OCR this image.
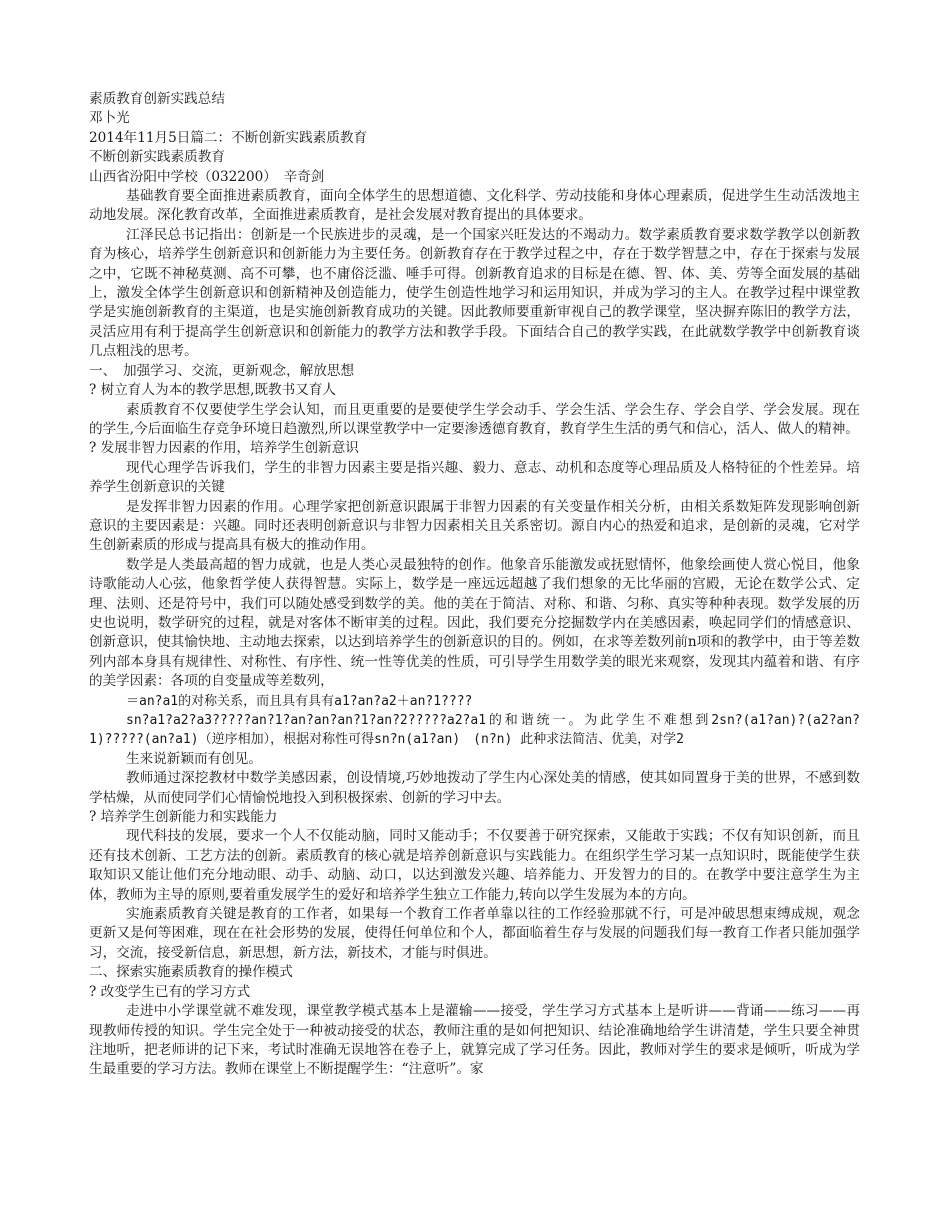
素质教育创新实践总结

邓卜光

2014年11月5日篇二：不断创新实践素质教育

不断创新实践素质教育

山西省汾阳中学校（032200）　辛奇剑

基础教育要全面推进素质教育，面向全体学生的思想道德、文化科学、劳动技能和身体心理素质，促进学生生动活泼地主动地发展。深化教育改革，全面推进素质教育，是社会发展对教育提出的具体要求。

江泽民总书记指出：创新是一个民族进步的灵魂，是一个国家兴旺发达的不竭动力。数学素质教育要求数学教学以创新教育为核心，培养学生创新意识和创新能力为主要任务。创新教育存在于教学过程之中，存在于数学智慧之中，存在于探索与发展之中，它既不神秘莫测、高不可攀，也不庸俗泛滥、唾手可得。创新教育追求的目标是在德、智、体、美、劳等全面发展的基础上，激发全体学生创新意识和创新精神及创造能力，使学生创造性地学习和运用知识，并成为学习的主人。在教学过程中课堂教学是实施创新教育的主渠道，也是实施创新教育成功的关键。因此教师要重新审视自己的教学课堂，坚决摒弃陈旧的教学方法，灵活应用有利于提高学生创新意识和创新能力的教学方法和教学手段。下面结合自己的教学实践，在此就数学教学中创新教育谈几点粗浅的思考。

一、　加强学习、交流，更新观念，解放思想

? 树立育人为本的教学思想,既教书又育人

素质教育不仅要使学生学会认知，而且更重要的是要使学生学会动手、学会生活、学会生存、学会自学、学会发展。现在的学生,今后面临生存竞争环境日趋激烈,所以课堂教学中一定要渗透德育教育，教育学生生活的勇气和信心，活人、做人的精神。

? 发展非智力因素的作用，培养学生创新意识

现代心理学告诉我们，学生的非智力因素主要是指兴趣、毅力、意志、动机和态度等心理品质及人格特征的个性差异。培养学生创新意识的关键

是发挥非智力因素的作用。心理学家把创新意识跟属于非智力因素的有关变量作相关分析，由相关系数矩阵发现影响创新意识的主要因素是：兴趣。同时还表明创新意识与非智力因素相关且关系密切。源自内心的热爱和追求，是创新的灵魂，它对学生创新素质的形成与提高具有极大的推动作用。

数学是人类最高超的智力成就，也是人类心灵最独特的创作。他象音乐能激发或抚慰情怀，他象绘画使人赏心悦目，他象诗歌能动人心弦，他象哲学使人获得智慧。实际上，数学是一座远远超越了我们想象的无比华丽的宫殿，无论在数学公式、定理、法则、还是符号中，我们可以随处感受到数学的美。他的美在于简洁、对称、和谐、匀称、真实等种种表现。数学发展的历史也说明，数学研究的过程，就是对客体不断审美的过程。因此，我们要充分挖掘数学内在美感因素，唤起同学们的情感意识、创新意识，使其愉快地、主动地去探索，以达到培养学生的创新意识的目的。例如，在求等差数列前n项和的教学中，由于等差数列内部本身具有规律性、对称性、有序性、统一性等优美的性质，可引导学生用数学美的眼光来观察，发现其内蕴着和谐、有序的美学因素：各项的自变量成等差数列，

＝an?a1的对称关系，而且具有具有a1?an?a2＋an?1????

sn?a1?a2?a3?????an?1?an?an?an?1?an?2?????a2?a1的和谐统一。为此学生不难想到2sn?(a1?an)?(a2?an?1)?????(an?a1)（逆序相加），根据对称性可得sn?n(a1?an)　(n?n) 此种求法简洁、优美，对学2

生来说新颖而有创见。

教师通过深挖教材中数学美感因素，创设情境,巧妙地拨动了学生内心深处美的情感，使其如同置身于美的世界，不感到数学枯燥，从而使同学们心情愉悦地投入到积极探索、创新的学习中去。

? 培养学生创新能力和实践能力

现代科技的发展，要求一个人不仅能动脑，同时又能动手；不仅要善于研究探索，又能敢于实践；不仅有知识创新，而且还有技术创新、工艺方法的创新。素质教育的核心就是培养创新意识与实践能力。在组织学生学习某一点知识时，既能使学生获取知识又能让他们充分地动眼、动手、动脑、动口，以达到激发兴趣、培养能力、开发智力的目的。在教学中要注意学生为主体，教师为主导的原则,要着重发展学生的爱好和培养学生独立工作能力,转向以学生发展为本的方向。

实施素质教育关键是教育的工作者，如果每一个教育工作者单靠以往的工作经验那就不行，可是冲破思想束缚成规，观念更新又是何等困难，现在在社会形势的发展，使得任何单位和个人，都面临着生存与发展的问题我们每一教育工作者只能加强学习，交流，接受新信息，新思想，新方法，新技术，才能与时俱进。

二、探索实施素质教育的操作模式

? 改变学生已有的学习方式

走进中小学课堂就不难发现，课堂教学模式基本上是灌输——接受，学生学习方式基本上是听讲——背诵——练习——再现教师传授的知识。学生完全处于一种被动接受的状态，教师注重的是如何把知识、结论准确地给学生讲清楚，学生只要全神贯注地听，把老师讲的记下来，考试时准确无误地答在卷子上，就算完成了学习任务。因此，教师对学生的要求是倾听，听成为学生最重要的学习方法。教师在课堂上不断提醒学生：“注意听”。家
